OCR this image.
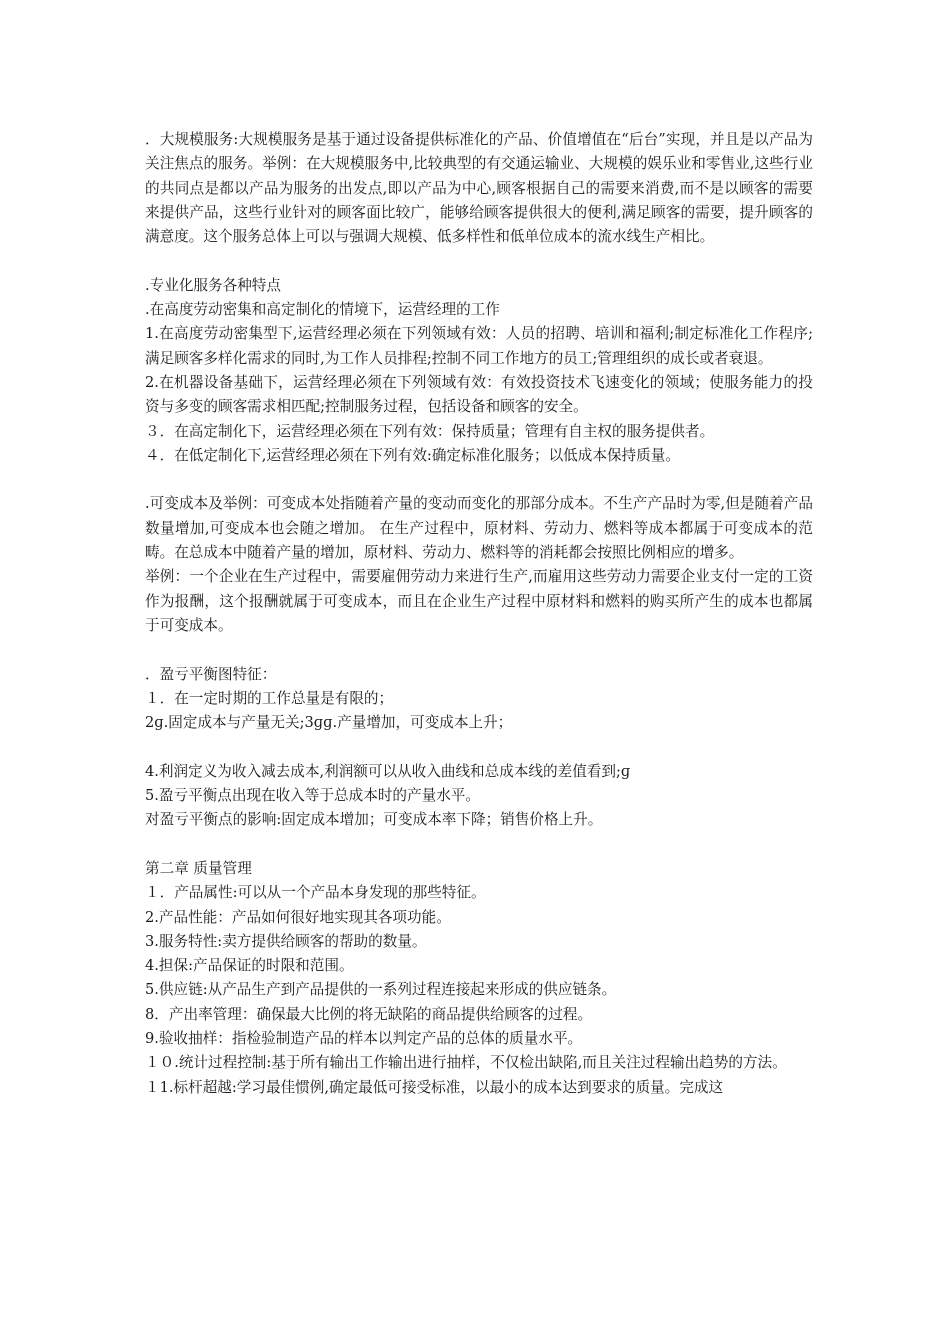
．大规模服务:大规模服务是基于通过设备提供标准化的产品、价值增值在“后台”实现，并且是以产品为关注焦点的服务。举例：在大规模服务中,比较典型的有交通运输业、大规模的娱乐业和零售业,这些行业的共同点是都以产品为服务的出发点,即以产品为中心,顾客根据自己的需要来消费,而不是以顾客的需要来提供产品，这些行业针对的顾客面比较广，能够给顾客提供很大的便利,满足顾客的需要，提升顾客的满意度。这个服务总体上可以与强调大规模、低多样性和低单位成本的流水线生产相比。

.专业化服务各种特点

.在高度劳动密集和高定制化的情境下，运营经理的工作

1.在高度劳动密集型下,运营经理必须在下列领域有效：人员的招聘、培训和福利;制定标准化工作程序;满足顾客多样化需求的同时,为工作人员排程;控制不同工作地方的员工;管理组织的成长或者衰退。

2.在机器设备基础下，运营经理必须在下列领域有效：有效投资技术飞速变化的领域；使服务能力的投资与多变的顾客需求相匹配;控制服务过程，包括设备和顾客的安全。

３．在高定制化下，运营经理必须在下列有效：保持质量；管理有自主权的服务提供者。

４．在低定制化下,运营经理必须在下列有效:确定标准化服务；以低成本保持质量。

.可变成本及举例：可变成本处指随着产量的变动而变化的那部分成本。不生产产品时为零,但是随着产品数量增加,可变成本也会随之增加。 在生产过程中，原材料、劳动力、燃料等成本都属于可变成本的范畴。在总成本中随着产量的增加，原材料、劳动力、燃料等的消耗都会按照比例相应的增多。

举例：一个企业在生产过程中，需要雇佣劳动力来进行生产,而雇用这些劳动力需要企业支付一定的工资作为报酬，这个报酬就属于可变成本，而且在企业生产过程中原材料和燃料的购买所产生的成本也都属于可变成本。

．盈亏平衡图特征：

１．在一定时期的工作总量是有限的；

2ɡ.固定成本与产量无关;3ɡɡ.产量增加，可变成本上升；

4.利润定义为收入减去成本,利润额可以从收入曲线和总成本线的差值看到;ɡ

5.盈亏平衡点出现在收入等于总成本时的产量水平。

对盈亏平衡点的影响:固定成本增加；可变成本率下降；销售价格上升。

第二章 质量管理

１．产品属性:可以从一个产品本身发现的那些特征。

2.产品性能：产品如何很好地实现其各项功能。

3.服务特性:卖方提供给顾客的帮助的数量。

4.担保:产品保证的时限和范围。

5.供应链:从产品生产到产品提供的一系列过程连接起来形成的供应链条。

8．产出率管理：确保最大比例的将无缺陷的商品提供给顾客的过程。

9.验收抽样：指检验制造产品的样本以判定产品的总体的质量水平。

１０.统计过程控制:基于所有输出工作输出进行抽样，不仅检出缺陷,而且关注过程输出趋势的方法。

１1.标杆超越:学习最佳惯例,确定最低可接受标准，以最小的成本达到要求的质量。完成这
